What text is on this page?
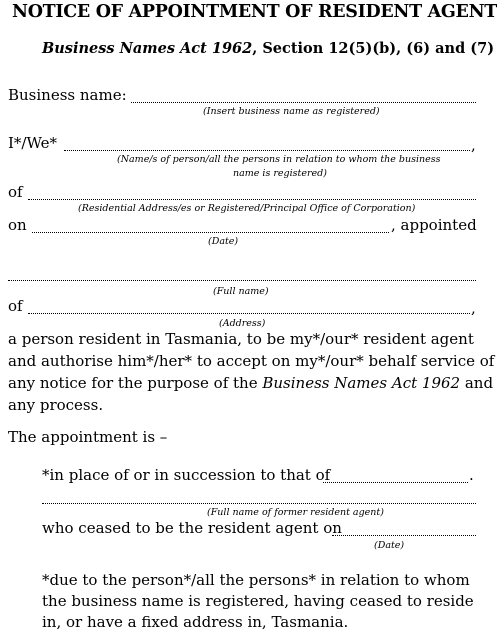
NOTICE OF APPOINTMENT OF RESIDENT AGENT
Business Names Act 1962, Section 12(5)(b), (6) and (7)
Business name:
(Insert business name as registered)
I*/We*	,
(Name/s of person/all the persons in relation to whom the business
name is registered)
of
(Residential Address/es or Registered/Principal Office of Corporation)
on	, appointed
(Date)
(Full name)
of	,
(Address)
a person resident in Tasmania, to be my*/our* resident agent
and authorise him*/her* to accept on my*/our* behalf service of
any notice for the purpose of the Business Names Act 1962 and
any process.
The appointment is –
*in place of or in succession to that of	.
(Full name of former resident agent)
who ceased to be the resident agent on
(Date)
*due to the person*/all the persons* in relation to whom
the business name is registered, having ceased to reside
in, or have a fixed address in, Tasmania.
